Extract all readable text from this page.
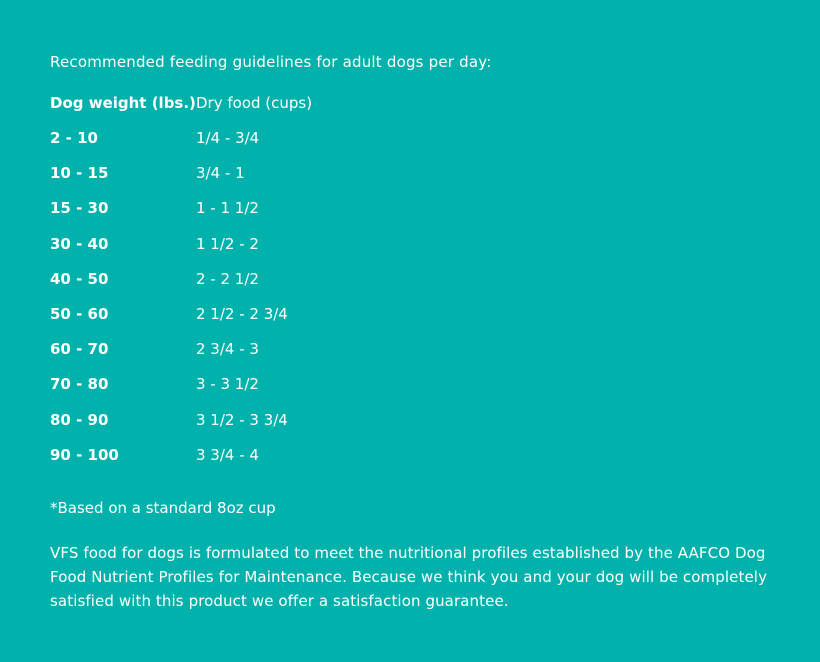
Recommended feeding guidelines for adult dogs per day:
Dog weight (lbs.)	Dry food (cups)
2 - 10	1/4 - 3/4
10 - 15	3/4 - 1
15 - 30	1 - 1 1/2
30 - 40	1 1/2 - 2
40 - 50	2 - 2 1/2
50 - 60	2 1/2 - 2 3/4
60 - 70	2 3/4 - 3
70 - 80	3 - 3 1/2
80 - 90	3 1/2 - 3 3/4
90 - 100	3 3/4 - 4
*Based on a standard 8oz cup
VFS food for dogs is formulated to meet the nutritional profiles established by the AAFCO Dog Food Nutrient Profiles for Maintenance. Because we think you and your dog will be completely satisfied with this product we offer a satisfaction guarantee.
